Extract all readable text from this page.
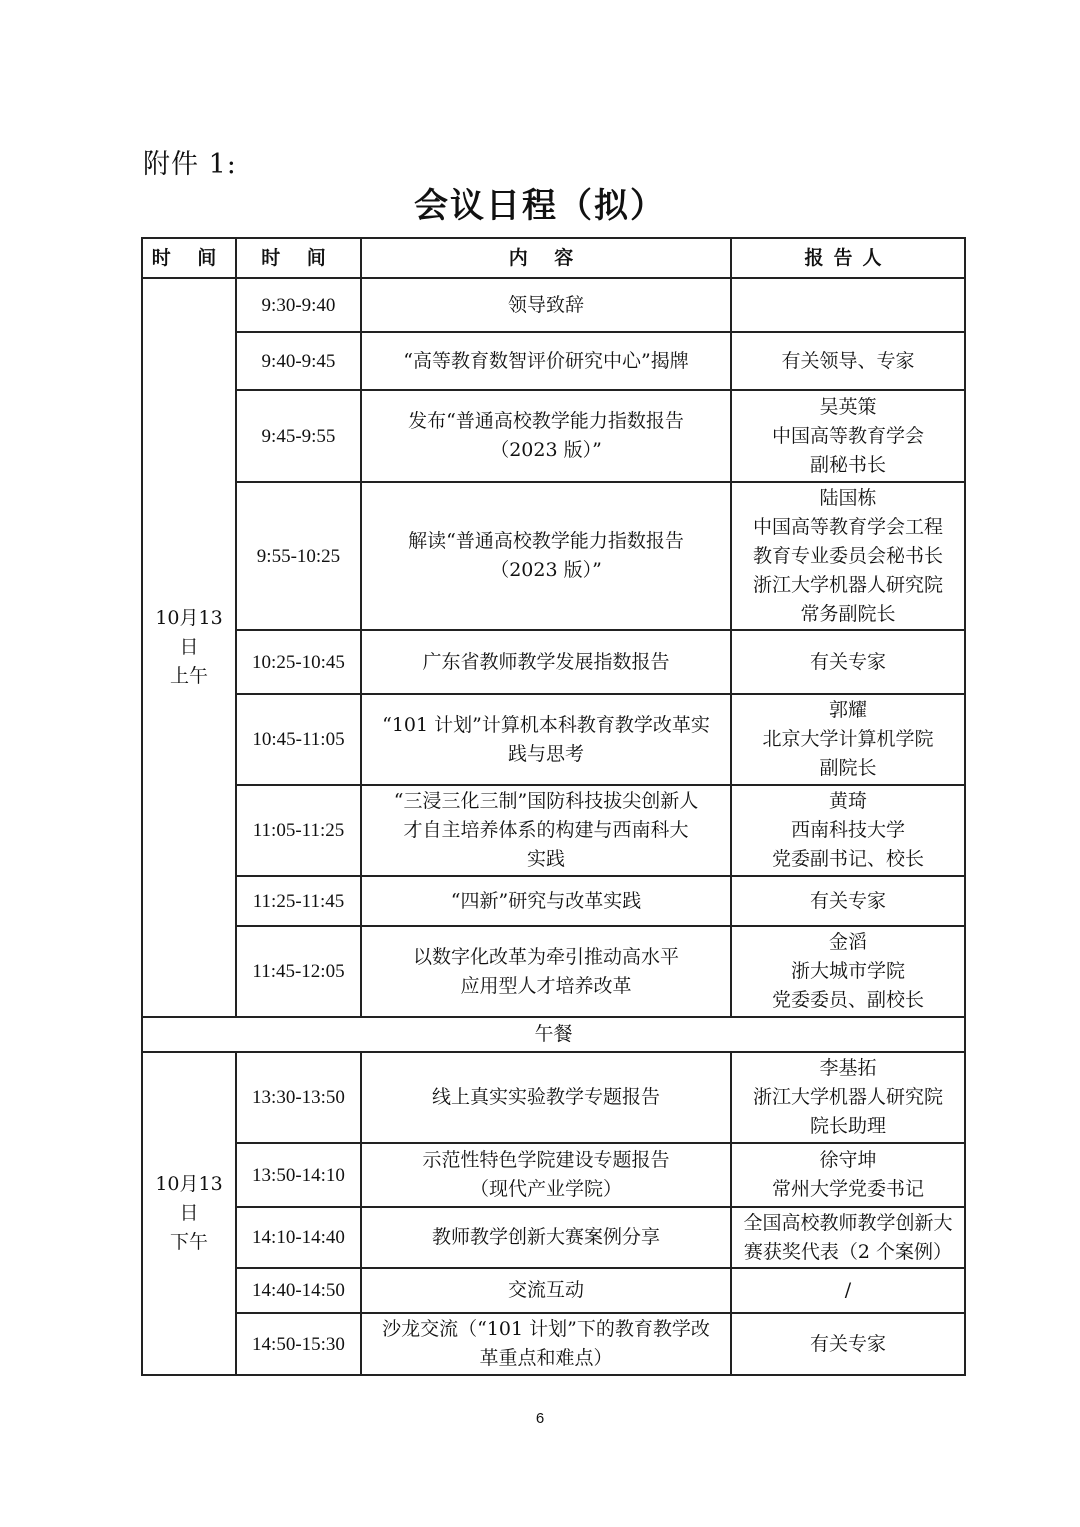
附件 1:
会议日程（拟）
时 间	时 间	内 容	报告人

10月13日
上午	9:30-9:40	领导致辞	

	9:40-9:45	“高等教育数智评价研究中心”揭牌	有关领导、专家

	9:45-9:55	发布“普通高校教学能力指数报告
（2023 版）”	吴英策
中国高等教育学会
副秘书长

	9:55-10:25	解读“普通高校教学能力指数报告
（2023 版）”	陆国栋
中国高等教育学会工程
教育专业委员会秘书长
浙江大学机器人研究院
常务副院长

	10:25-10:45	广东省教师教学发展指数报告	有关专家

	10:45-11:05	“101 计划”计算机本科教育教学改革实
践与思考	郭耀
北京大学计算机学院
副院长

	11:05-11:25	“三浸三化三制”国防科技拔尖创新人
才自主培养体系的构建与西南科大
实践	黄琦
西南科技大学
党委副书记、校长

	11:25-11:45	“四新”研究与改革实践	有关专家

	11:45-12:05	以数字化改革为牵引推动高水平
应用型人才培养改革	金滔
浙大城市学院
党委委员、副校长

午餐			

10月13日
下午	13:30-13:50	线上真实实验教学专题报告	李基拓
浙江大学机器人研究院
院长助理

	13:50-14:10	示范性特色学院建设专题报告
（现代产业学院）	徐守坤
常州大学党委书记

	14:10-14:40	教师教学创新大赛案例分享	全国高校教师教学创新大
赛获奖代表（2 个案例）

	14:40-14:50	交流互动	/

	14:50-15:30	沙龙交流（“101 计划”下的教育教学改
革重点和难点）	有关专家
6
